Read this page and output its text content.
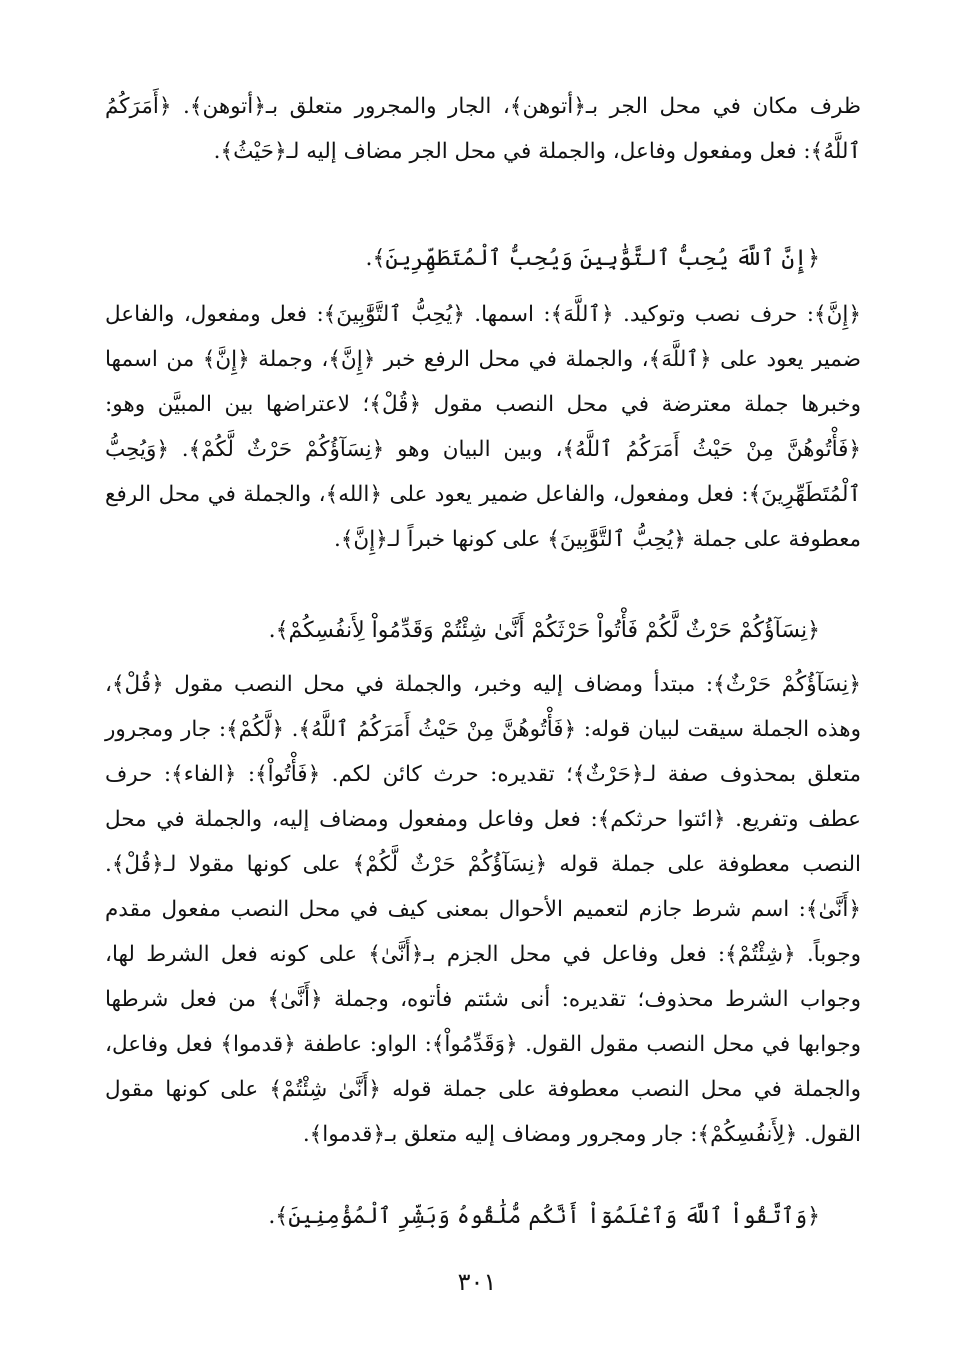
ظرف مكان في محل الجر بـ﴿أتوهن﴾، الجار والمجرور متعلق بـ﴿أتوهن﴾. ﴿أَمَرَكُمُ ٱللَّهُ﴾: فعل ومفعول وفاعل، والجملة في محل الجر مضاف إليه لـ﴿حَيْثُ﴾.

﴿إِنَّ ٱللَّهَ يُحِبُّ ٱلتَّوَّٰبِينَ وَيُحِبُّ ٱلْمُتَطَهِّرِينَ﴾.

﴿إِنَّ﴾: حرف نصب وتوكيد. ﴿ٱللَّهَ﴾: اسمها. ﴿يُحِبُّ ٱلتَّوَّٰبِينَ﴾: فعل ومفعول، والفاعل ضمير يعود على ﴿ٱللَّهَ﴾، والجملة في محل الرفع خبر ﴿إِنَّ﴾، وجملة ﴿إِنَّ﴾ من اسمها وخبرها جملة معترضة في محل النصب مقول ﴿قُلْ﴾؛ لاعتراضها بين المبيَّن وهو: ﴿فَأْتُوهُنَّ مِنْ حَيْثُ أَمَرَكُمُ ٱللَّهُ﴾، وبين البيان وهو ﴿نِسَآؤُكُمْ حَرْثٌ لَّكُمْ﴾. ﴿وَيُحِبُّ ٱلْمُتَطَهِّرِينَ﴾: فعل ومفعول، والفاعل ضمير يعود على ﴿الله﴾، والجملة في محل الرفع معطوفة على جملة ﴿يُحِبُّ ٱلتَّوَّٰبِينَ﴾ على كونها خبراً لـ﴿إِنَّ﴾.

﴿نِسَآؤُكُمْ حَرْثٌ لَّكُمْ فَأْتُواْ حَرْثَكُمْ أَنَّىٰ شِئْتُمْ وَقَدِّمُواْ لِأَنفُسِكُمْ﴾.

﴿نِسَآؤُكُمْ حَرْثٌ﴾: مبتدأ ومضاف إليه وخبر، والجملة في محل النصب مقول ﴿قُلْ﴾، وهذه الجملة سيقت لبيان قوله: ﴿فَأْتُوهُنَّ مِنْ حَيْثُ أَمَرَكُمُ ٱللَّهُ﴾. ﴿لَّكُمْ﴾: جار ومجرور متعلق بمحذوف صفة لـ﴿حَرْثٌ﴾؛ تقديره: حرث كائن لكم. ﴿فَأْتُواْ﴾: ﴿الفاء﴾: حرف عطف وتفريع. ﴿ائتوا حرثكم﴾: فعل وفاعل ومفعول ومضاف إليه، والجملة في محل النصب معطوفة على جملة قوله ﴿نِسَآؤُكُمْ حَرْثٌ لَّكُمْ﴾ على كونها مقولا لـ﴿قُلْ﴾. ﴿أَنَّىٰ﴾: اسم شرط جازم لتعميم الأحوال بمعنى كيف في محل النصب مفعول مقدم وجوباً. ﴿شِئْتُمْ﴾: فعل وفاعل في محل الجزم بـ﴿أَنَّىٰ﴾ على كونه فعل الشرط لها، وجواب الشرط محذوف؛ تقديره: أنى شئتم فأتوه، وجملة ﴿أَنَّىٰ﴾ من فعل شرطها وجوابها في محل النصب مقول القول. ﴿وَقَدِّمُواْ﴾: الواو: عاطفة ﴿قدموا﴾ فعل وفاعل، والجملة في محل النصب معطوفة على جملة قوله ﴿أَنَّىٰ شِئْتُمْ﴾ على كونها مقول القول. ﴿لِأَنفُسِكُمْ﴾: جار ومجرور ومضاف إليه متعلق بـ﴿قدموا﴾.

﴿وَٱتَّقُواْ ٱللَّهَ وَٱعْلَمُوٓاْ أَنَّكُم مُّلَٰقُوهُ وَبَشِّرِ ٱلْمُؤْمِنِينَ﴾.

٣٠١
